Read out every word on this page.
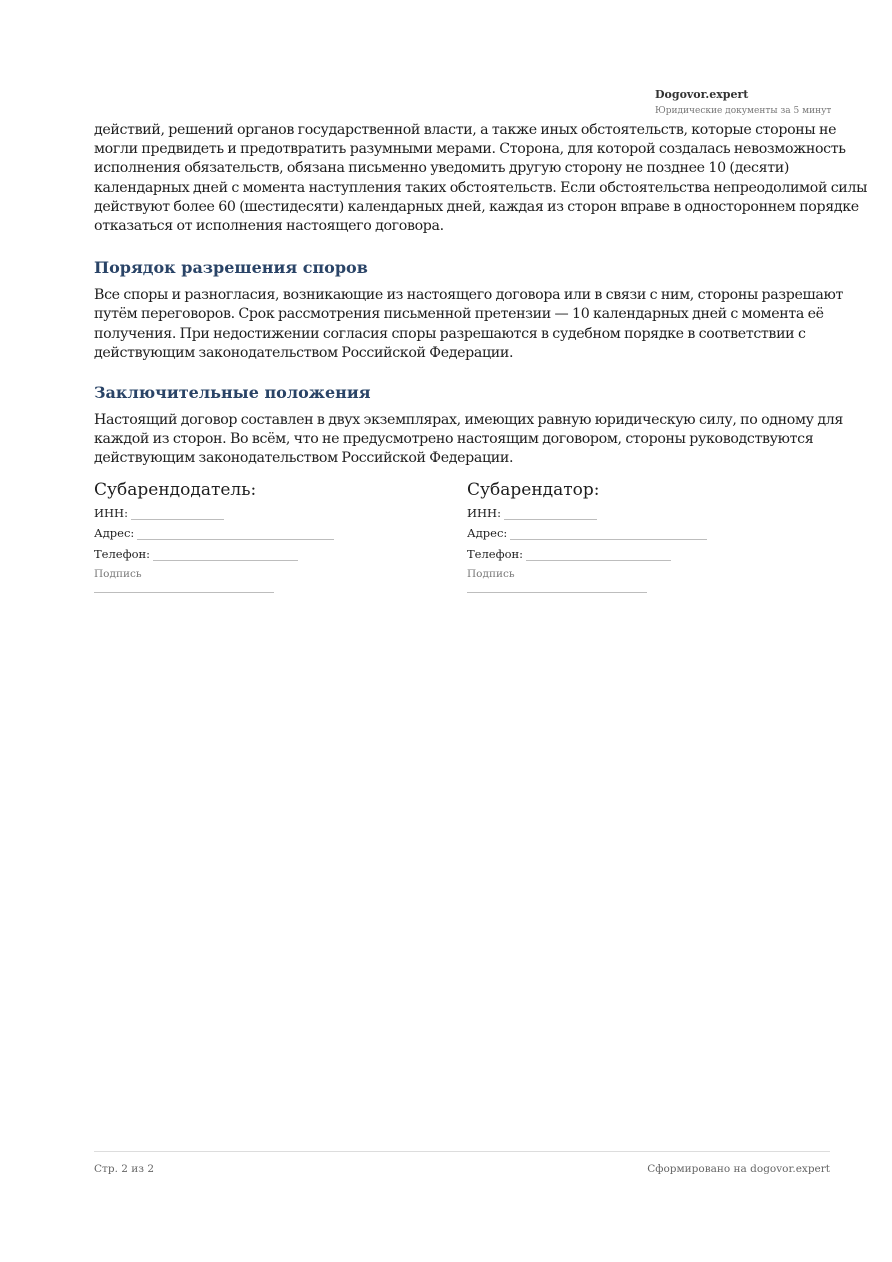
Dogovor.expert
Юридические документы за 5 минут

действий, решений органов государственной власти, а также иных обстоятельств, которые стороны не могли предвидеть и предотвратить разумными мерами. Сторона, для которой создалась невозможность исполнения обязательств, обязана письменно уведомить другую сторону не позднее 10 (десяти) календарных дней с момента наступления таких обстоятельств. Если обстоятельства непреодолимой силы действуют более 60 (шестидесяти) календарных дней, каждая из сторон вправе в одностороннем порядке отказаться от исполнения настоящего договора.

Порядок разрешения споров

Все споры и разногласия, возникающие из настоящего договора или в связи с ним, стороны разрешают путём переговоров. Срок рассмотрения письменной претензии — 10 календарных дней с момента её получения. При недостижении согласия споры разрешаются в судебном порядке в соответствии с действующим законодательством Российской Федерации.

Заключительные положения

Настоящий договор составлен в двух экземплярах, имеющих равную юридическую силу, по одному для каждой из сторон. Во всём, что не предусмотрено настоящим договором, стороны руководствуются действующим законодательством Российской Федерации.

Субарендодатель:
ИНН:
Адрес:
Телефон:
Подпись
Субарендатор:
ИНН:
Адрес:
Телефон:
Подпись
Стр. 2 из 2	Сформировано на dogovor.expert
